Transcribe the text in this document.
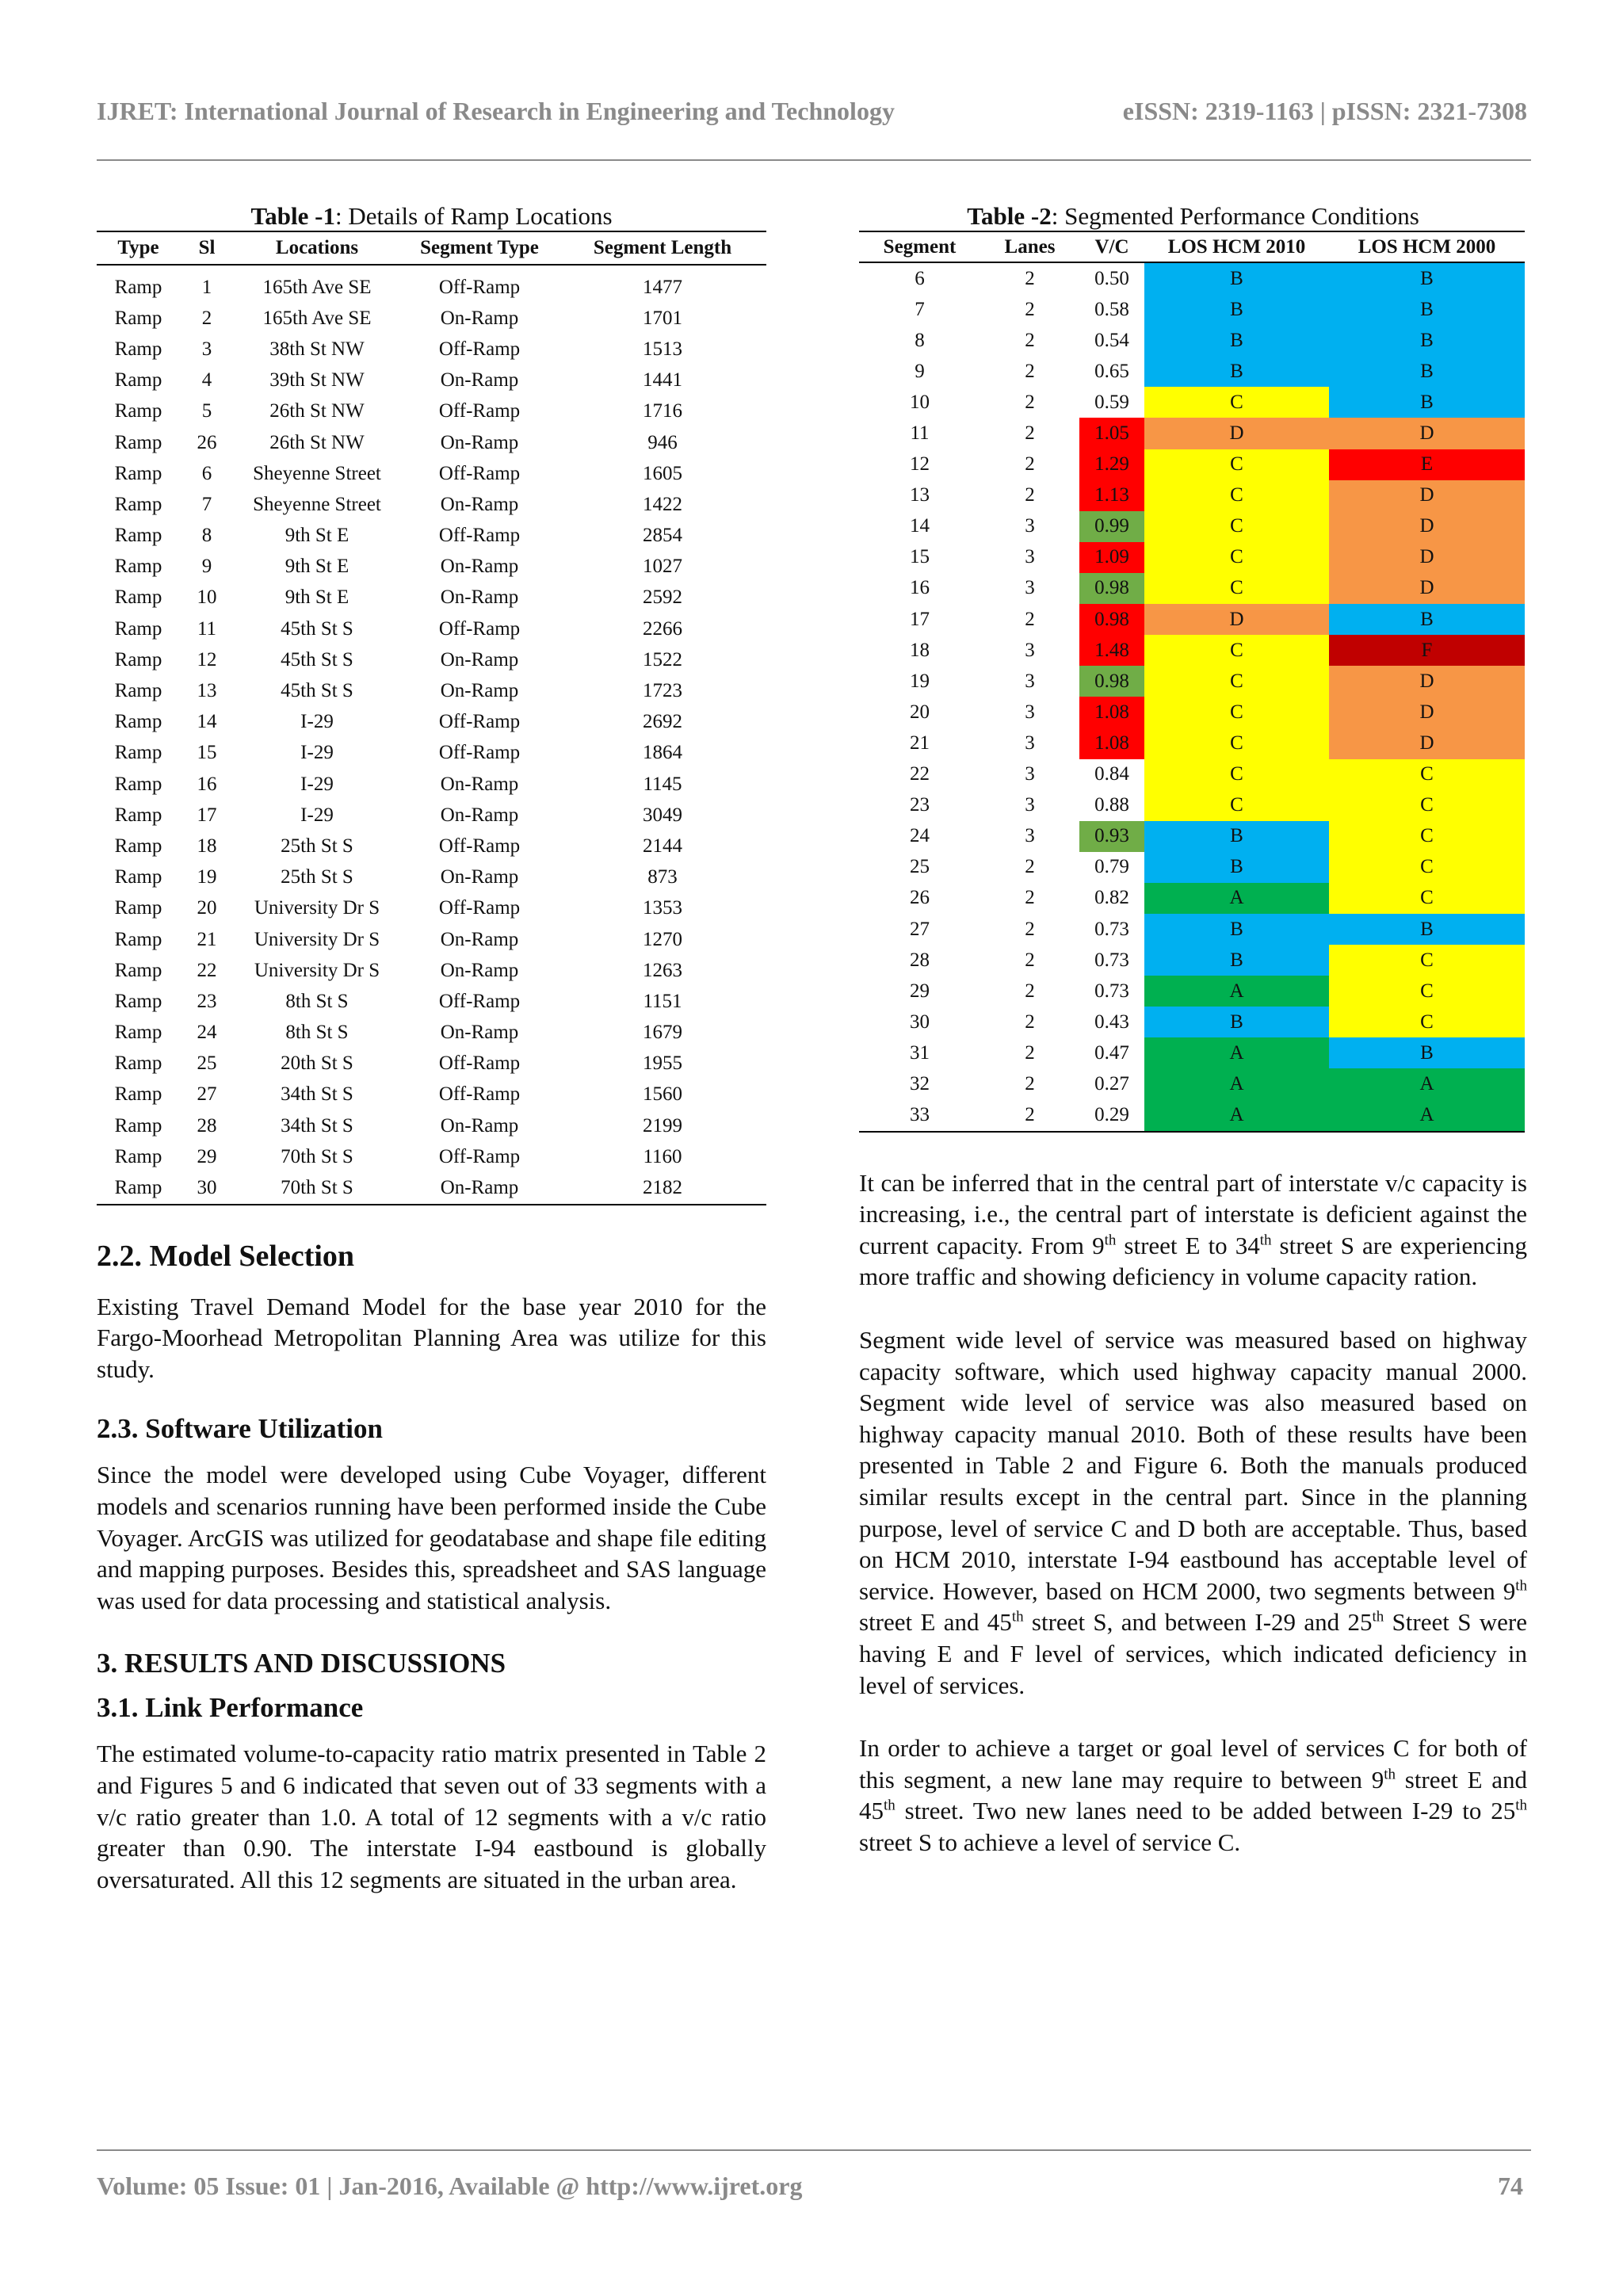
IJRET: International Journal of Research in Engineering and Technology	eISSN: 2319-1163 | pISSN: 2321-7308
Table -1: Details of Ramp Locations
Type	Sl	Locations	Segment Type	Segment Length
Ramp	1	165th Ave SE	Off-Ramp	1477
Ramp	2	165th Ave SE	On-Ramp	1701
Ramp	3	38th St NW	Off-Ramp	1513
Ramp	4	39th St NW	On-Ramp	1441
Ramp	5	26th St NW	Off-Ramp	1716
Ramp	26	26th St NW	On-Ramp	946
Ramp	6	Sheyenne Street	Off-Ramp	1605
Ramp	7	Sheyenne Street	On-Ramp	1422
Ramp	8	9th St E	Off-Ramp	2854
Ramp	9	9th St E	On-Ramp	1027
Ramp	10	9th St E	On-Ramp	2592
Ramp	11	45th St S	Off-Ramp	2266
Ramp	12	45th St S	On-Ramp	1522
Ramp	13	45th St S	On-Ramp	1723
Ramp	14	I-29	Off-Ramp	2692
Ramp	15	I-29	Off-Ramp	1864
Ramp	16	I-29	On-Ramp	1145
Ramp	17	I-29	On-Ramp	3049
Ramp	18	25th St S	Off-Ramp	2144
Ramp	19	25th St S	On-Ramp	873
Ramp	20	University Dr S	Off-Ramp	1353
Ramp	21	University Dr S	On-Ramp	1270
Ramp	22	University Dr S	On-Ramp	1263
Ramp	23	8th St S	Off-Ramp	1151
Ramp	24	8th St S	On-Ramp	1679
Ramp	25	20th St S	Off-Ramp	1955
Ramp	27	34th St S	Off-Ramp	1560
Ramp	28	34th St S	On-Ramp	2199
Ramp	29	70th St S	Off-Ramp	1160
Ramp	30	70th St S	On-Ramp	2182
2.2. Model Selection

Existing Travel Demand Model for the base year 2010 for the Fargo-Moorhead Metropolitan Planning Area was utilize for this study.

2.3. Software Utilization

Since the model were developed using Cube Voyager, different models and scenarios running have been performed inside the Cube Voyager. ArcGIS was utilized for geodatabase and shape file editing and mapping purposes. Besides this, spreadsheet and SAS language was used for data processing and statistical analysis.

3. RESULTS AND DISCUSSIONS
3.1. Link Performance

The estimated volume-to-capacity ratio matrix presented in Table 2 and Figures 5 and 6 indicated that seven out of 33 segments with a v/c ratio greater than 1.0. A total of 12 segments with a v/c ratio greater than 0.90. The interstate I-94 eastbound is globally oversaturated. All this 12 segments are situated in the urban area.

Table -2: Segmented Performance Conditions
Segment	Lanes	V/C	LOS HCM 2010	LOS HCM 2000
6	2	0.50	B	B
7	2	0.58	B	B
8	2	0.54	B	B
9	2	0.65	B	B
10	2	0.59	C	B
11	2	1.05	D	D
12	2	1.29	C	E
13	2	1.13	C	D
14	3	0.99	C	D
15	3	1.09	C	D
16	3	0.98	C	D
17	2	0.98	D	B
18	3	1.48	C	F
19	3	0.98	C	D
20	3	1.08	C	D
21	3	1.08	C	D
22	3	0.84	C	C
23	3	0.88	C	C
24	3	0.93	B	C
25	2	0.79	B	C
26	2	0.82	A	C
27	2	0.73	B	B
28	2	0.73	B	C
29	2	0.73	A	C
30	2	0.43	B	C
31	2	0.47	A	B
32	2	0.27	A	A
33	2	0.29	A	A

It can be inferred that in the central part of interstate v/c capacity is increasing, i.e., the central part of interstate is deficient against the current capacity. From 9th street E to 34th street S are experiencing more traffic and showing deficiency in volume capacity ration.

Segment wide level of service was measured based on highway capacity software, which used highway capacity manual 2000. Segment wide level of service was also measured based on highway capacity manual 2010. Both of these results have been presented in Table 2 and Figure 6. Both the manuals produced similar results except in the central part. Since in the planning purpose, level of service C and D both are acceptable. Thus, based on HCM 2010, interstate I-94 eastbound has acceptable level of service. However, based on HCM 2000, two segments between 9th street E and 45th street S, and between I-29 and 25th Street S were having E and F level of services, which indicated deficiency in level of services.

In order to achieve a target or goal level of services C for both of this segment, a new lane may require to between 9th street E and 45th street. Two new lanes need to be added between I-29 to 25th street S to achieve a level of service C.

Volume: 05 Issue: 01 | Jan-2016, Available @ http://www.ijret.org	74
